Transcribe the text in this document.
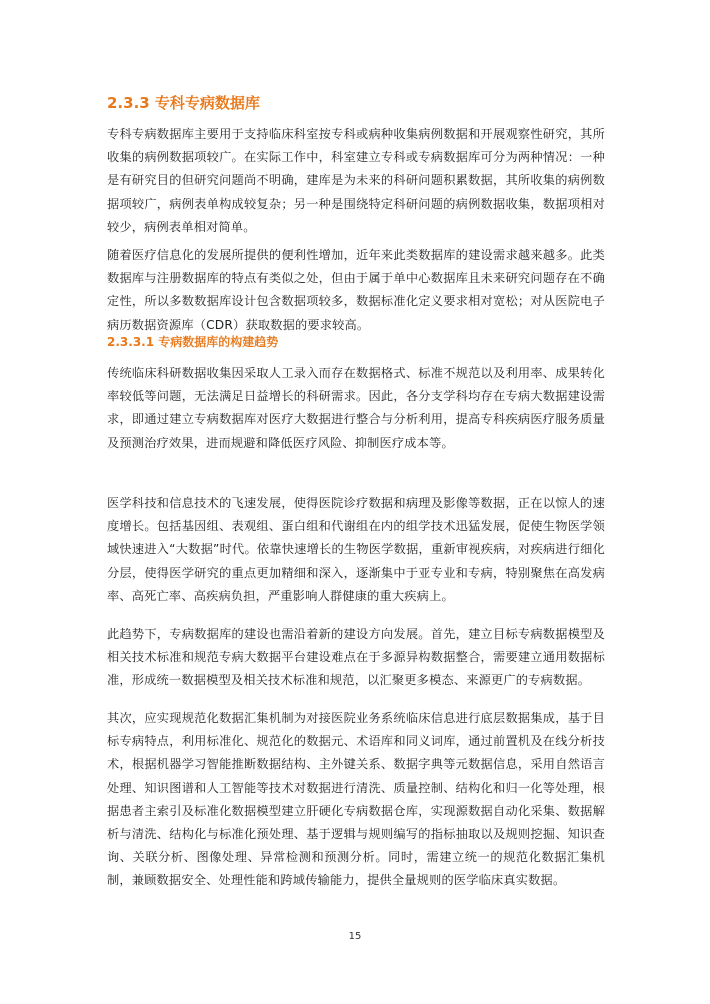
2.3.3 专科专病数据库

专科专病数据库主要用于支持临床科室按专科或病种收集病例数据和开展观察性研究，其所收集的病例数据项较广。在实际工作中，科室建立专科或专病数据库可分为两种情况：一种是有研究目的但研究问题尚不明确，建库是为未来的科研问题积累数据，其所收集的病例数据项较广，病例表单构成较复杂；另一种是围绕特定科研问题的病例数据收集，数据项相对较少，病例表单相对简单。

随着医疗信息化的发展所提供的便利性增加，近年来此类数据库的建设需求越来越多。此类数据库与注册数据库的特点有类似之处，但由于属于单中心数据库且未来研究问题存在不确定性，所以多数数据库设计包含数据项较多，数据标准化定义要求相对宽松；对从医院电子病历数据资源库（CDR）获取数据的要求较高。

2.3.3.1 专病数据库的构建趋势

传统临床科研数据收集因采取人工录入而存在数据格式、标准不规范以及利用率、成果转化率较低等问题，无法满足日益增长的科研需求。因此，各分支学科均存在专病大数据建设需求，即通过建立专病数据库对医疗大数据进行整合与分析利用，提高专科疾病医疗服务质量及预测治疗效果，进而规避和降低医疗风险、抑制医疗成本等。

医学科技和信息技术的飞速发展，使得医院诊疗数据和病理及影像等数据，正在以惊人的速度增长。包括基因组、表观组、蛋白组和代谢组在内的组学技术迅猛发展，促使生物医学领域快速进入“大数据”时代。依靠快速增长的生物医学数据，重新审视疾病，对疾病进行细化分层，使得医学研究的重点更加精细和深入，逐渐集中于亚专业和专病，特别聚焦在高发病率、高死亡率、高疾病负担，严重影响人群健康的重大疾病上。

此趋势下，专病数据库的建设也需沿着新的建设方向发展。首先，建立目标专病数据模型及相关技术标准和规范专病大数据平台建设难点在于多源异构数据整合，需要建立通用数据标准，形成统一数据模型及相关技术标准和规范，以汇聚更多模态、来源更广的专病数据。

其次，应实现规范化数据汇集机制为对接医院业务系统临床信息进行底层数据集成，基于目标专病特点，利用标准化、规范化的数据元、术语库和同义词库，通过前置机及在线分析技术，根据机器学习智能推断数据结构、主外键关系、数据字典等元数据信息，采用自然语言处理、知识图谱和人工智能等技术对数据进行清洗、质量控制、结构化和归一化等处理，根据患者主索引及标准化数据模型建立肝硬化专病数据仓库，实现源数据自动化采集、数据解析与清洗、结构化与标准化预处理、基于逻辑与规则编写的指标抽取以及规则挖掘、知识查询、关联分析、图像处理、异常检测和预测分析。同时，需建立统一的规范化数据汇集机制，兼顾数据安全、处理性能和跨域传输能力，提供全量规则的医学临床真实数据。

15
